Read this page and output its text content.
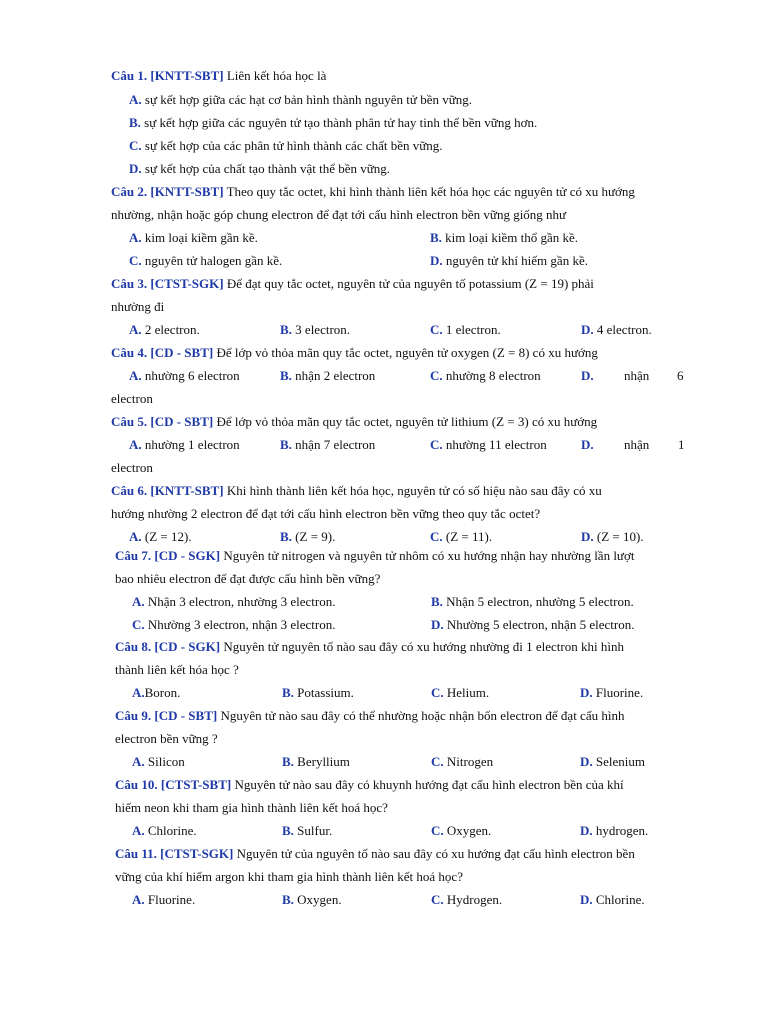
Câu 1. [KNTT-SBT] Liên kết hóa học là
A. sự kết hợp giữa các hạt cơ bản hình thành nguyên tử bền vững.
B. sự kết hợp giữa các nguyên tử tạo thành phân tử hay tinh thể bền vững hơn.
C. sự kết hợp của các phân tử hình thành các chất bền vững.
D. sự kết hợp của chất tạo thành vật thể bền vững.
Câu 2. [KNTT-SBT] Theo quy tắc octet, khi hình thành liên kết hóa học các nguyên tử có xu hướng
nhường, nhận hoặc góp chung electron để đạt tới cấu hình electron bền vững giống như
A. kim loại kiềm gần kề.	B. kim loại kiềm thổ gần kề.
C. nguyên tử halogen gần kề.	D. nguyên tử khí hiếm gần kề.
Câu 3. [CTST-SGK] Để đạt quy tắc octet, nguyên tử của nguyên tố potassium (Z = 19) phải
nhường đi
A. 2 electron.	B. 3 electron.	C. 1 electron.	D. 4 electron.
Câu 4. [CD - SBT] Để lớp vỏ thỏa mãn quy tắc octet, nguyên tử oxygen (Z = 8) có xu hướng
A. nhường 6 electron	B. nhận 2 electron	C. nhường 8 electron	D. nhận 6
electron
Câu 5. [CD - SBT] Để lớp vỏ thỏa mãn quy tắc octet, nguyên tử lithium (Z = 3) có xu hướng
A. nhường 1 electron	B. nhận 7 electron	C. nhường 11 electron	D. nhận 1
electron
Câu 6. [KNTT-SBT] Khi hình thành liên kết hóa học, nguyên tử có số hiệu nào sau đây có xu
hướng nhường 2 electron để đạt tới cấu hình electron bền vững theo quy tắc octet?
A. (Z = 12).	B. (Z = 9).	C. (Z = 11).	D. (Z = 10).
Câu 7. [CD - SGK] Nguyên tử nitrogen và nguyên tử nhôm có xu hướng nhận hay nhường lần lượt
bao nhiêu electron để đạt được cấu hình bền vững?
A. Nhận 3 electron, nhường 3 electron.	B. Nhận 5 electron, nhường 5 electron.
C. Nhường 3 electron, nhận 3 electron.	D. Nhường 5 electron, nhận 5 electron.
Câu 8. [CD - SGK] Nguyên tử nguyên tố nào sau đây có xu hướng nhường đi 1 electron khi hình
thành liên kết hóa học ?
A.Boron.	B. Potassium.	C. Helium.	D. Fluorine.
Câu 9. [CD - SBT] Nguyên tử nào sau đây có thể nhường hoặc nhận bốn electron để đạt cấu hình
electron bền vững ?
A. Silicon	B. Beryllium	C. Nitrogen	D. Selenium
Câu 10. [CTST-SBT] Nguyên tử nào sau đây có khuynh hướng đạt cấu hình electron bền của khí
hiếm neon khi tham gia hình thành liên kết hoá học?
A. Chlorine.	B. Sulfur.	C. Oxygen.	D. hydrogen.
Câu 11. [CTST-SGK] Nguyên tử của nguyên tố nào sau đây có xu hướng đạt cấu hình electron bền
vững của khí hiếm argon khi tham gia hình thành liên kết hoá học?
A. Fluorine.	B. Oxygen.	C. Hydrogen.	D. Chlorine.
